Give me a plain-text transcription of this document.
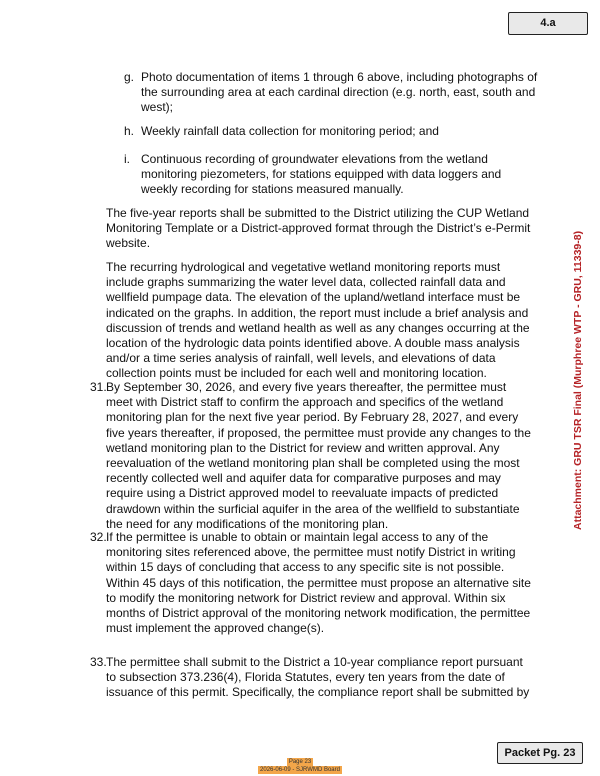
4.a
g. Photo documentation of items 1 through 6 above, including photographs of the surrounding area at each cardinal direction (e.g. north, east, south and west);
h. Weekly rainfall data collection for monitoring period; and
i. Continuous recording of groundwater elevations from the wetland monitoring piezometers, for stations equipped with data loggers and weekly recording for stations measured manually.
The five-year reports shall be submitted to the District utilizing the CUP Wetland Monitoring Template or a District-approved format through the District’s e-Permit website.
The recurring hydrological and vegetative wetland monitoring reports must include graphs summarizing the water level data, collected rainfall data and wellfield pumpage data. The elevation of the upland/wetland interface must be indicated on the graphs. In addition, the report must include a brief analysis and discussion of trends and wetland health as well as any changes occurring at the location of the hydrologic data points identified above. A double mass analysis and/or a time series analysis of rainfall, well levels, and elevations of data collection points must be included for each well and monitoring location.
31. By September 30, 2026, and every five years thereafter, the permittee must meet with District staff to confirm the approach and specifics of the wetland monitoring plan for the next five year period. By February 28, 2027, and every five years thereafter, if proposed, the permittee must provide any changes to the wetland monitoring plan to the District for review and written approval. Any reevaluation of the wetland monitoring plan shall be completed using the most recently collected well and aquifer data for comparative purposes and may require using a District approved model to reevaluate impacts of predicted drawdown within the surficial aquifer in the area of the wellfield to substantiate the need for any modifications of the monitoring plan.
32. If the permittee is unable to obtain or maintain legal access to any of the monitoring sites referenced above, the permittee must notify District in writing within 15 days of concluding that access to any specific site is not possible. Within 45 days of this notification, the permittee must propose an alternative site to modify the monitoring network for District review and approval. Within six months of District approval of the monitoring network modification, the permittee must implement the approved change(s).
33. The permittee shall submit to the District a 10-year compliance report pursuant to subsection 373.236(4), Florida Statutes, every ten years from the date of issuance of this permit. Specifically, the compliance report shall be submitted by
Attachment: GRU TSR Final (Murphree WTP - GRU, 11339-8)
Packet Pg. 23
Page 23
2026-06-09 - SJRWMD Board
